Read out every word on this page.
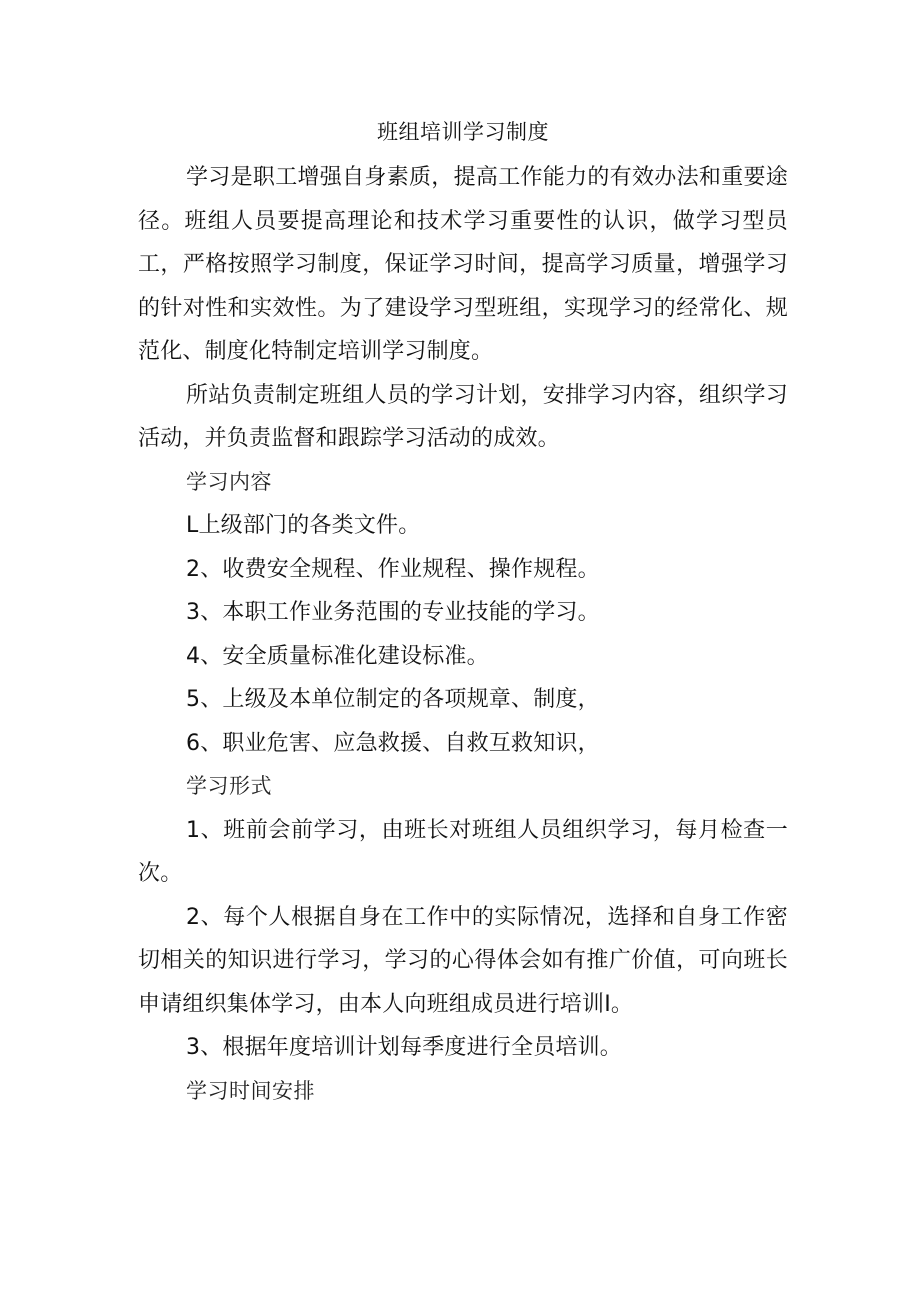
班组培训学习制度

学习是职工增强自身素质，提高工作能力的有效办法和重要途径。班组人员要提高理论和技术学习重要性的认识，做学习型员工，严格按照学习制度，保证学习时间，提高学习质量，增强学习的针对性和实效性。为了建设学习型班组，实现学习的经常化、规范化、制度化特制定培训学习制度。

所站负责制定班组人员的学习计划，安排学习内容，组织学习活动，并负责监督和跟踪学习活动的成效。

学习内容

L上级部门的各类文件。

2、收费安全规程、作业规程、操作规程。

3、本职工作业务范围的专业技能的学习。

4、安全质量标准化建设标准。

5、上级及本单位制定的各项规章、制度，

6、职业危害、应急救援、自救互救知识，

学习形式

1、班前会前学习，由班长对班组人员组织学习，每月检查一次。

2、每个人根据自身在工作中的实际情况，选择和自身工作密切相关的知识进行学习，学习的心得体会如有推广价值，可向班长申请组织集体学习，由本人向班组成员进行培训I。

3、根据年度培训计划每季度进行全员培训。

学习时间安排
